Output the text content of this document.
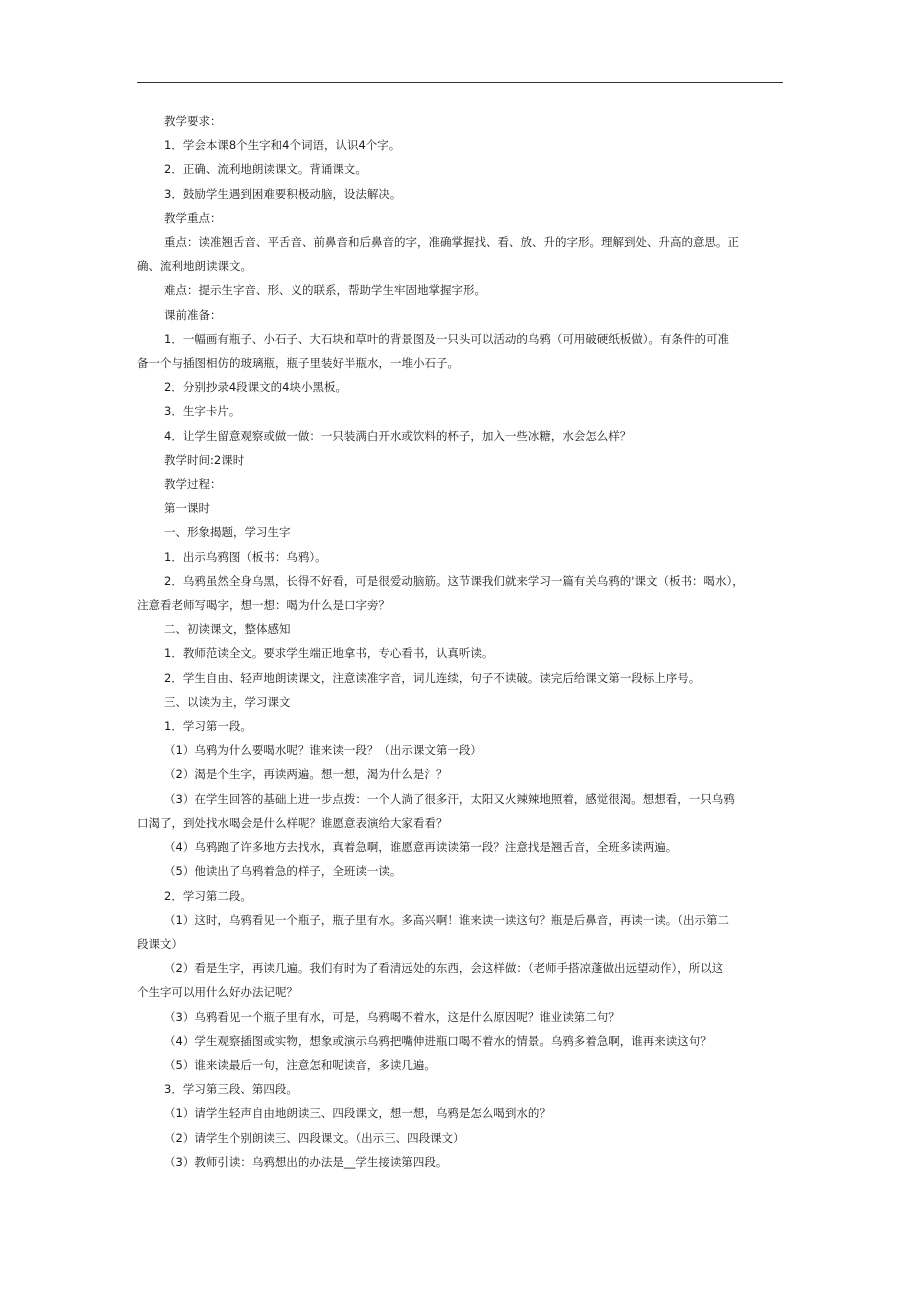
教学要求：

1．学会本课8个生字和4个词语，认识4个字。

2．正确、流利地朗读课文。背诵课文。

3．鼓励学生遇到困难要积极动脑，设法解决。

教学重点：

重点：读准翘舌音、平舌音、前鼻音和后鼻音的字，准确掌握找、看、放、升的字形。理解到处、升高的意思。正
确、流利地朗读课文。

难点：提示生字音、形、义的联系，帮助学生牢固地掌握字形。

课前准备：

1．一幅画有瓶子、小石子、大石块和草叶的背景图及一只头可以活动的乌鸦（可用破硬纸板做）。有条件的可准
备一个与插图相仿的玻璃瓶，瓶子里装好半瓶水，一堆小石子。

2．分别抄录4段课文的4块小黑板。

3．生字卡片。

4．让学生留意观察或做一做：一只装满白开水或饮料的杯子，加入一些冰糖，水会怎么样？

教学时间:2课时

教学过程：

第一课时

一、形象揭题，学习生字

1．出示乌鸦图（板书：乌鸦）。

2．乌鸦虽然全身乌黑，长得不好看，可是很爱动脑筋。这节课我们就来学习一篇有关乌鸦的'课文（板书：喝水），
注意看老师写喝字，想一想：喝为什么是口字旁？

二、初读课文，整体感知

1．教师范读全文。要求学生端正地拿书，专心看书，认真听读。

2．学生自由、轻声地朗读课文，注意读准字音，词儿连续，句子不读破。读完后给课文第一段标上序号。

三、以读为主，学习课文

1．学习第一段。

（1）乌鸦为什么要喝水呢？谁来读一段？（出示课文第一段）

（2）渴是个生字，再读两遍。想一想，渴为什么是氵？

（3）在学生回答的基础上进一步点拨：一个人淌了很多汗，太阳又火辣辣地照着，感觉很渴。想想看，一只乌鸦
口渴了，到处找水喝会是什么样呢？谁愿意表演给大家看看？

（4）乌鸦跑了许多地方去找水，真着急啊，谁愿意再读读第一段？注意找是翘舌音，全班多读两遍。

（5）他读出了乌鸦着急的样子，全班读一读。

2．学习第二段。

（1）这时，乌鸦看见一个瓶子，瓶子里有水。多高兴啊！谁来读一读这句？瓶是后鼻音，再读一读。（出示第二
段课文）

（2）看是生字，再读几遍。我们有时为了看清远处的东西，会这样做：（老师手搭凉蓬做出远望动作），所以这
个生字可以用什么好办法记呢？

（3）乌鸦看见一个瓶子里有水，可是，乌鸦喝不着水，这是什么原因呢？谁业读第二句？

（4）学生观察插图或实物，想象或演示乌鸦把嘴伸进瓶口喝不着水的情景。乌鸦多着急啊，谁再来读这句？

（5）谁来读最后一句，注意怎和呢读音，多读几遍。

3．学习第三段、第四段。

（1）请学生轻声自由地朗读三、四段课文，想一想，乌鸦是怎么喝到水的？

（2）请学生个别朗读三、四段课文。（出示三、四段课文）

（3）教师引读：乌鸦想出的办法是__学生接读第四段。
